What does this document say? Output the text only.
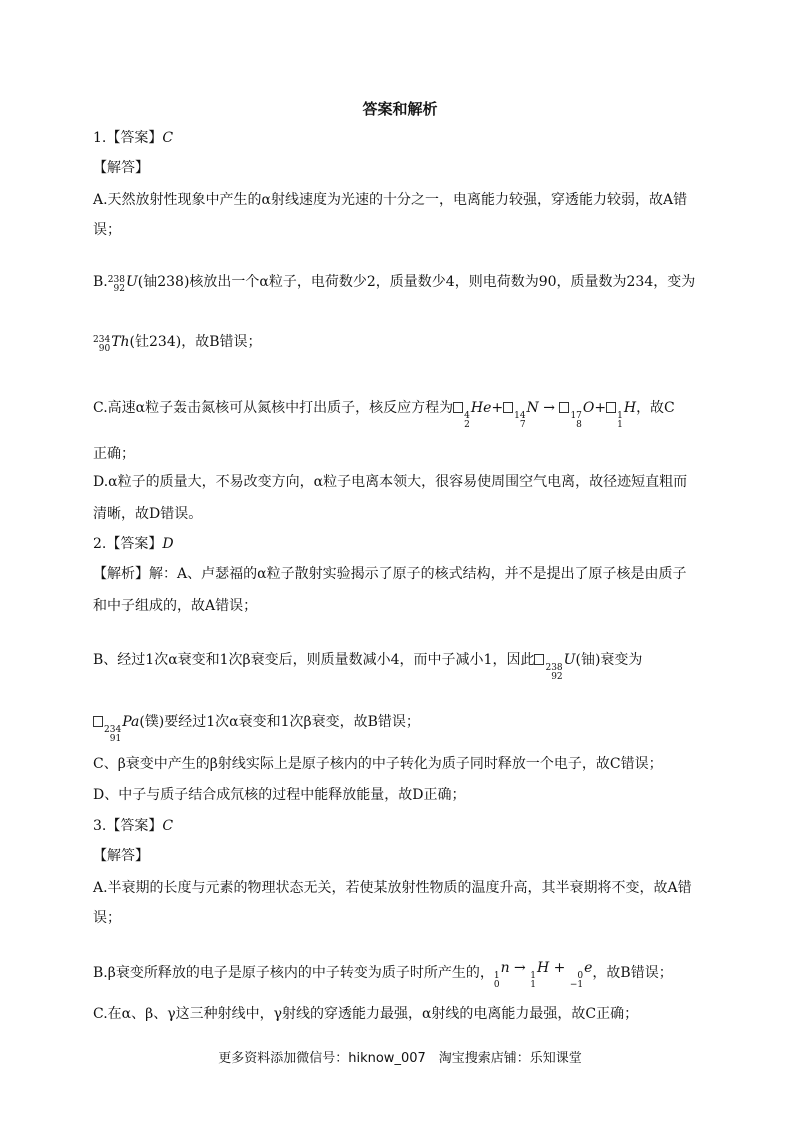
答案和解析
1.【答案】C
【解答】
A.天然放射性现象中产生的α射线速度为光速的十分之一，电离能力较强，穿透能力较弱，故A错
误；
B. 238
92 U(铀238)核放出一个α粒子，电荷数少2，质量数少4，则电荷数为90，质量数为234，变为
234
90 Th(钍234)，故B错误；
C.高速α粒子轰击氮核可从氮核中打出质子，核反应方程为 4
2
He+ 14
7
N → 17
8
O+ 1
1
H，故C
正确；
D.α粒子的质量大，不易改变方向，α粒子电离本领大，很容易使周围空气电离，故径迹短直粗而
清晰，故D错误。
2.【答案】D
【解析】解：A、卢瑟福的α粒子散射实验揭示了原子的核式结构，并不是提出了原子核是由质子
和中子组成的，故A错误；
B、经过1次α衰变和1次β衰变后，则质量数减小4，而中子减小1，因此 238
92
U(铀)衰变为
234
91
Pa(镤)要经过1次α衰变和1次β衰变，故B错误；
C、β衰变中产生的β射线实际上是原子核内的中子转化为质子同时释放一个电子，故C错误；
D、中子与质子结合成氘核的过程中能释放能量，故D正确；
3.【答案】C
【解答】
A.半衰期的长度与元素的物理状态无关，若使某放射性物质的温度升高，其半衰期将不变，故A错
误；
B.β衰变所释放的电子是原子核内的中子转变为质子时所产生的， 1
0
n → 1
1
H + 0
−1
e，故B错误；
C.在α、β、γ这三种射线中，γ射线的穿透能力最强，α射线的电离能力最强，故C正确；
更多资料添加微信号：hiknow_007　淘宝搜索店铺：乐知课堂
